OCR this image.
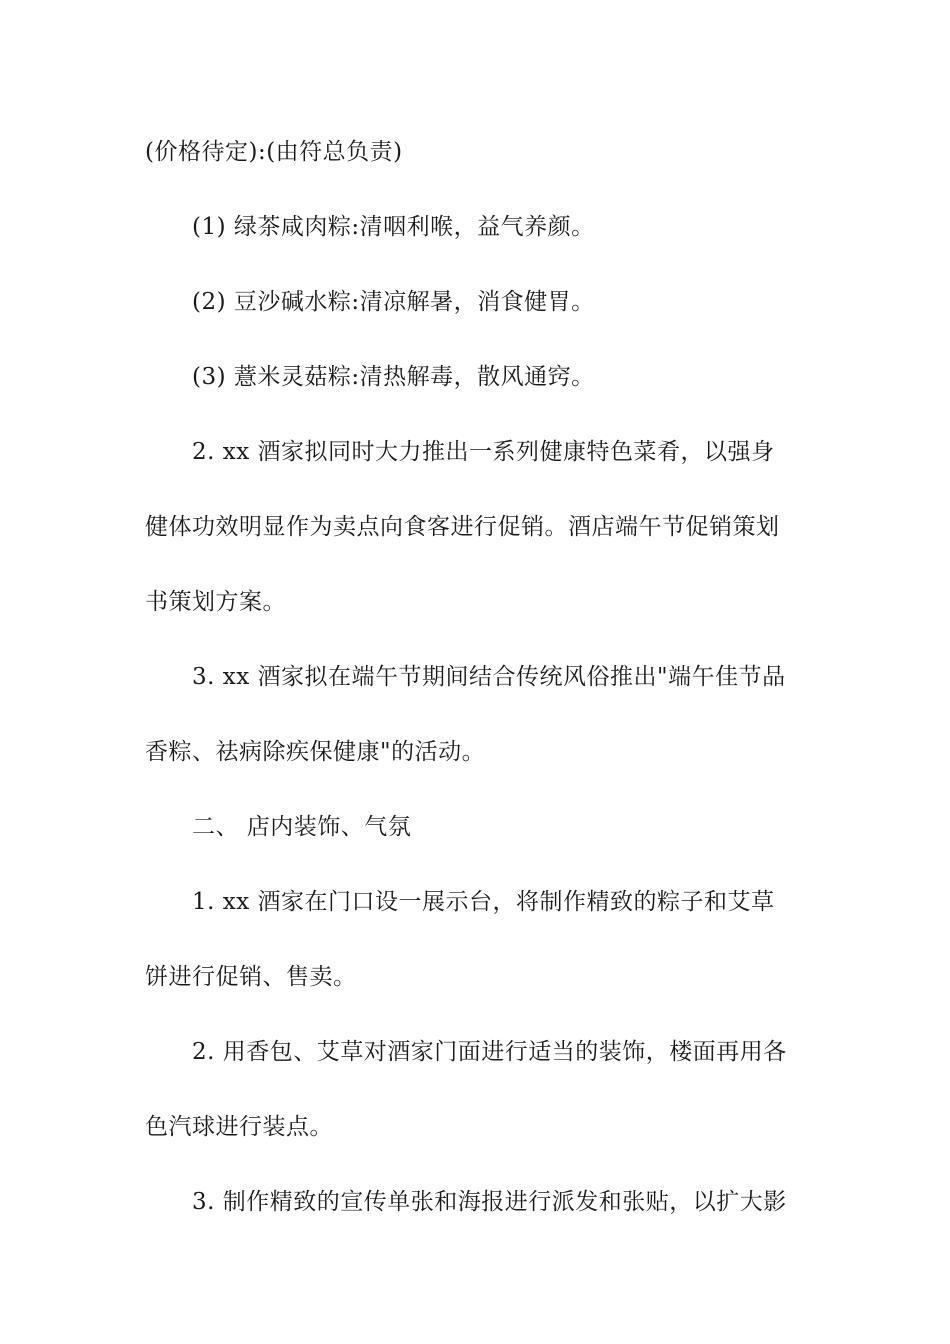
(价格待定):(由符总负责)
(1) 绿茶咸肉粽:清咽利喉，益气养颜。
(2) 豆沙碱水粽:清凉解暑，消食健胃。
(3) 薏米灵菇粽:清热解毒，散风通窍。
2. xx 酒家拟同时大力推出一系列健康特色菜肴，以强身
健体功效明显作为卖点向食客进行促销。酒店端午节促销策划
书策划方案。
3. xx 酒家拟在端午节期间结合传统风俗推出"端午佳节品
香粽、祛病除疾保健康"的活动。
二、 店内装饰、气氛
1. xx 酒家在门口设一展示台，将制作精致的粽子和艾草
饼进行促销、售卖。
2. 用香包、艾草对酒家门面进行适当的装饰，楼面再用各
色汽球进行装点。
3. 制作精致的宣传单张和海报进行派发和张贴，以扩大影
